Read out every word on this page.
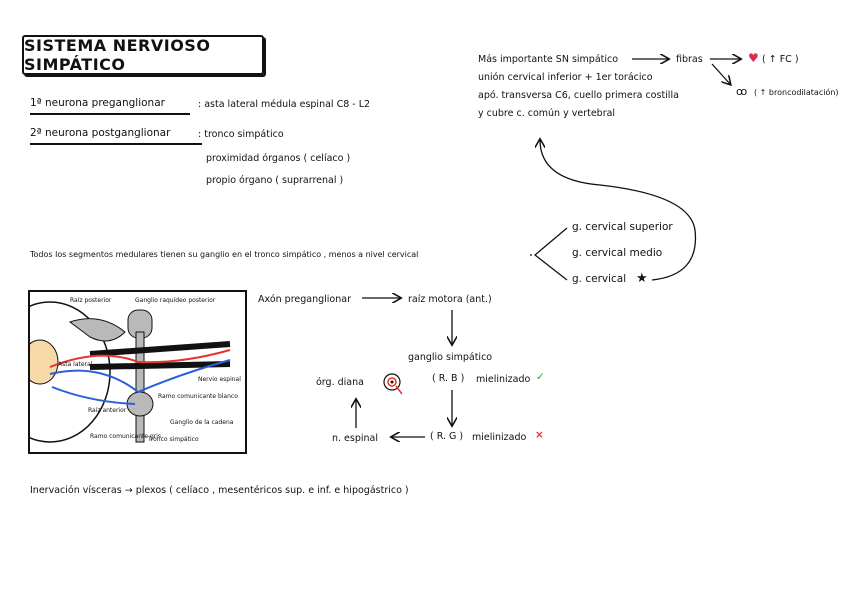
SISTEMA NERVIOSO SIMPÁTICO
1ª neurona preganglionar	: asta lateral médula espinal C8 - L2
2ª neurona postganglionar	: tronco simpático
proximidad órganos ( celíaco )
propio órgano ( suprarrenal )
Más importante SN simpático	fibras
unión cervical inferior + 1er torácico
apó. transversa C6, cuello primera costilla
y cubre c. común y vertebral
♥ ( ↑ FC )
ꝏ ( ↑ broncodilatación)
Todos los segmentos medulares tienen su ganglio en el tronco simpático , menos a nivel cervical
g. cervical superior
g. cervical medio
g. cervical ★
Raíz posterior	Ganglio raquídeo posterior
Asta lateral
Nervio espinal
Ramo comunicante blanco
Raíz anterior
Ganglio de la cadena
Ramo comunicante gris
Tronco simpático
Axón preganglionar	raíz motora (ant.)
ganglio simpático
órg. diana	( R. B ) mielinizado ✓
( R. G ) mielinizado ×
n. espinal
Inervación vísceras → plexos ( celíaco , mesentéricos sup. e inf. e hipogástrico )
